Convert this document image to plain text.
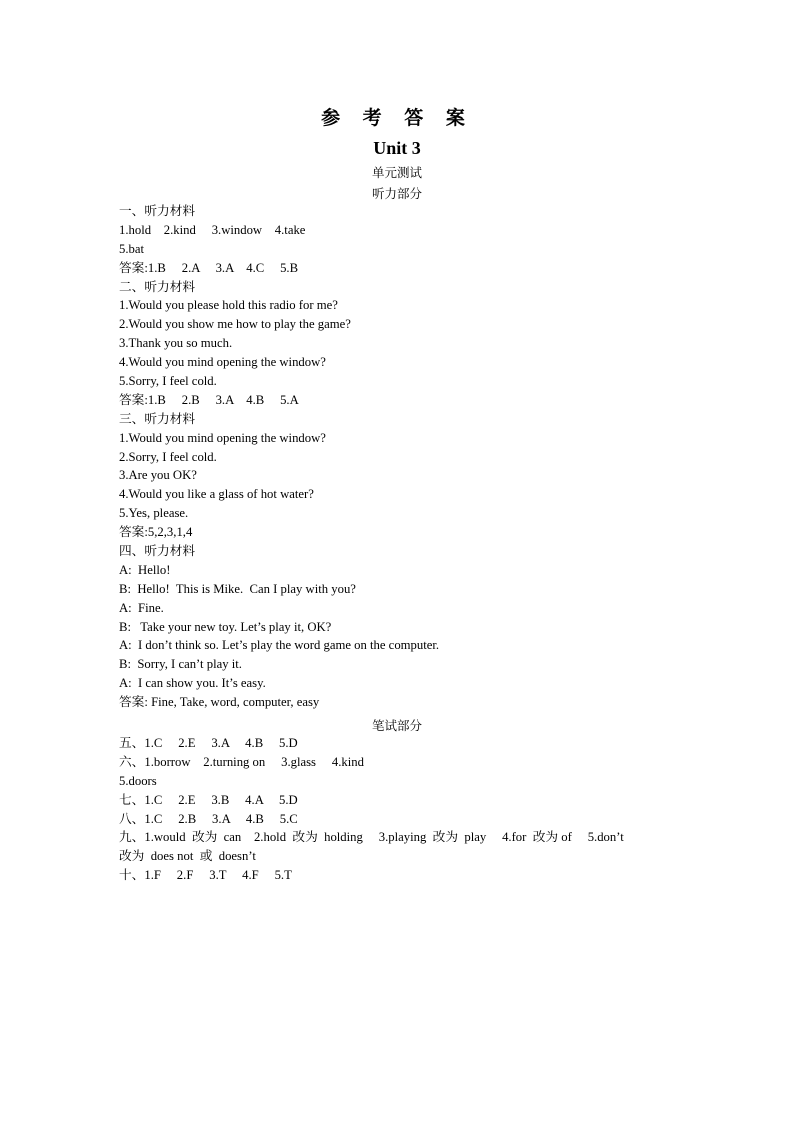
参 考 答 案
Unit 3
单元测试
听力部分
一、听力材料
1.hold    2.kind     3.window    4.take
5.bat
答案:1.B     2.A     3.A    4.C     5.B
二、听力材料
1.Would you please hold this radio for me?
2.Would you show me how to play the game?
3.Thank you so much.
4.Would you mind opening the window?
5.Sorry, I feel cold.
答案:1.B     2.B     3.A    4.B     5.A
三、听力材料
1.Would you mind opening the window?
2.Sorry, I feel cold.
3.Are you OK?
4.Would you like a glass of hot water?
5.Yes, please.
答案:5,2,3,1,4
四、听力材料
A:  Hello!
B:  Hello!  This is Mike.  Can I play with you?
A:  Fine.
B:   Take your new toy. Let’s play it, OK?
A:  I don’t think so. Let’s play the word game on the computer.
B:  Sorry, I can’t play it.
A:  I can show you. It’s easy.
答案: Fine, Take, word, computer, easy
笔试部分
五、1.C     2.E     3.A     4.B     5.D
六、1.borrow    2.turning on     3.glass     4.kind
5.doors
七、1.C     2.E     3.B     4.A     5.D
八、1.C     2.B     3.A     4.B     5.C
九、1.would  改为  can    2.hold  改为  holding     3.playing  改为  play     4.for  改为 of     5.don’t
改为  does not  或  doesn’t
十、1.F     2.F     3.T     4.F     5.T
